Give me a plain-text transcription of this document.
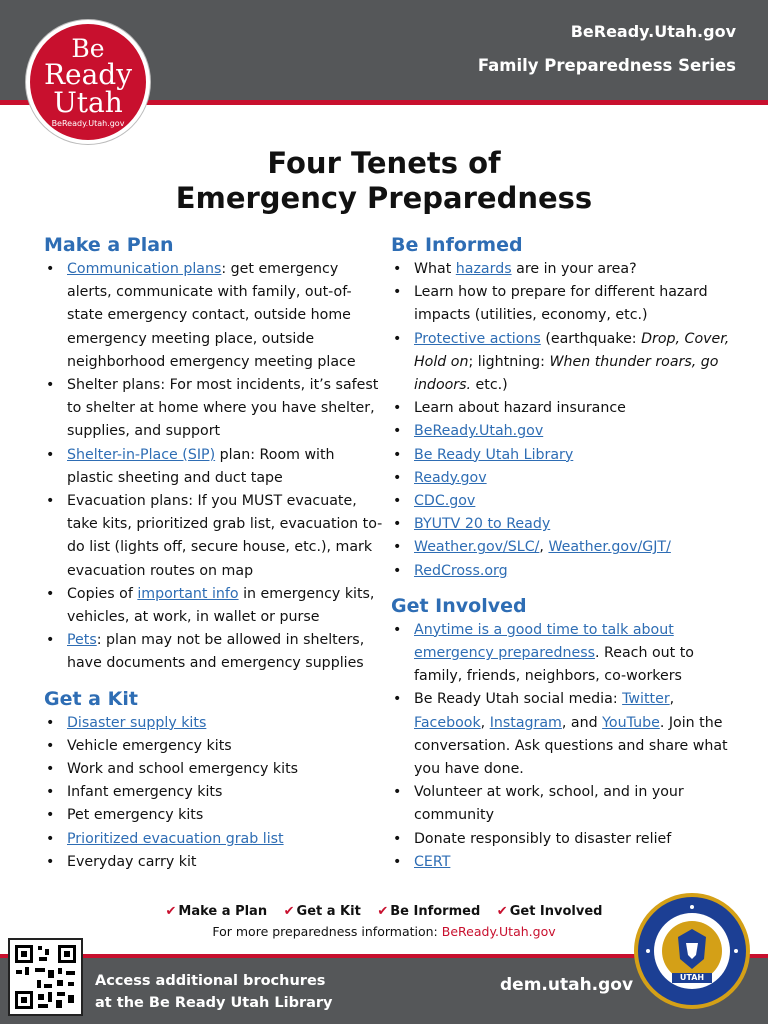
BeReady.Utah.gov
Family Preparedness Series
Be
Ready
Utah
BeReady.Utah.gov
Four Tenets of
Emergency Preparedness
Make a Plan
• Communication plans: get emergency alerts, communicate with family, out-of-state emergency contact, outside home emergency meeting place, outside neighborhood emergency meeting place
• Shelter plans: For most incidents, it’s safest to shelter at home where you have shelter, supplies, and support
• Shelter-in-Place (SIP) plan: Room with plastic sheeting and duct tape
• Evacuation plans: If you MUST evacuate, take kits, prioritized grab list, evacuation to-do list (lights off, secure house, etc.), mark evacuation routes on map
• Copies of important info in emergency kits, vehicles, at work, in wallet or purse
• Pets: plan may not be allowed in shelters, have documents and emergency supplies
Get a Kit
• Disaster supply kits
• Vehicle emergency kits
• Work and school emergency kits
• Infant emergency kits
• Pet emergency kits
• Prioritized evacuation grab list
• Everyday carry kit
Be Informed
• What hazards are in your area?
• Learn how to prepare for different hazard impacts (utilities, economy, etc.)
• Protective actions (earthquake: Drop, Cover, Hold on; lightning: When thunder roars, go indoors. etc.)
• Learn about hazard insurance
• BeReady.Utah.gov
• Be Ready Utah Library
• Ready.gov
• CDC.gov
• BYUTV 20 to Ready
• Weather.gov/SLC/, Weather.gov/GJT/
• RedCross.org
Get Involved
• Anytime is a good time to talk about emergency preparedness. Reach out to family, friends, neighbors, co-workers
• Be Ready Utah social media: Twitter, Facebook, Instagram, and YouTube. Join the conversation. Ask questions and share what you have done.
• Volunteer at work, school, and in your community
• Donate responsibly to disaster relief
• CERT
✔ Make a Plan ✔ Get a Kit ✔ Be Informed ✔ Get Involved
For more preparedness information: BeReady.Utah.gov
Access additional brochures
at the Be Ready Utah Library
dem.utah.gov	UTAH
